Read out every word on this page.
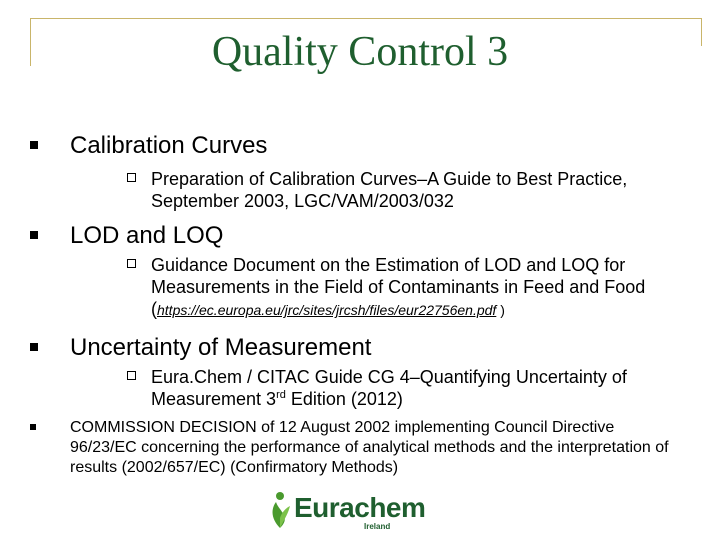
Quality Control 3
Calibration Curves
Preparation of Calibration Curves–A Guide to Best Practice, September 2003, LGC/VAM/2003/032
LOD and LOQ
Guidance Document on the Estimation of LOD and LOQ for Measurements in the Field of Contaminants in Feed and Food (https://ec.europa.eu/jrc/sites/jrcsh/files/eur22756en.pdf )
Uncertainty of Measurement
Eura.Chem / CITAC Guide CG 4–Quantifying Uncertainty of Measurement 3rd Edition (2012)
COMMISSION DECISION of 12 August 2002 implementing Council Directive 96/23/EC concerning the performance of analytical methods and the interpretation of results (2002/657/EC) (Confirmatory Methods)
Eurachem
Ireland
